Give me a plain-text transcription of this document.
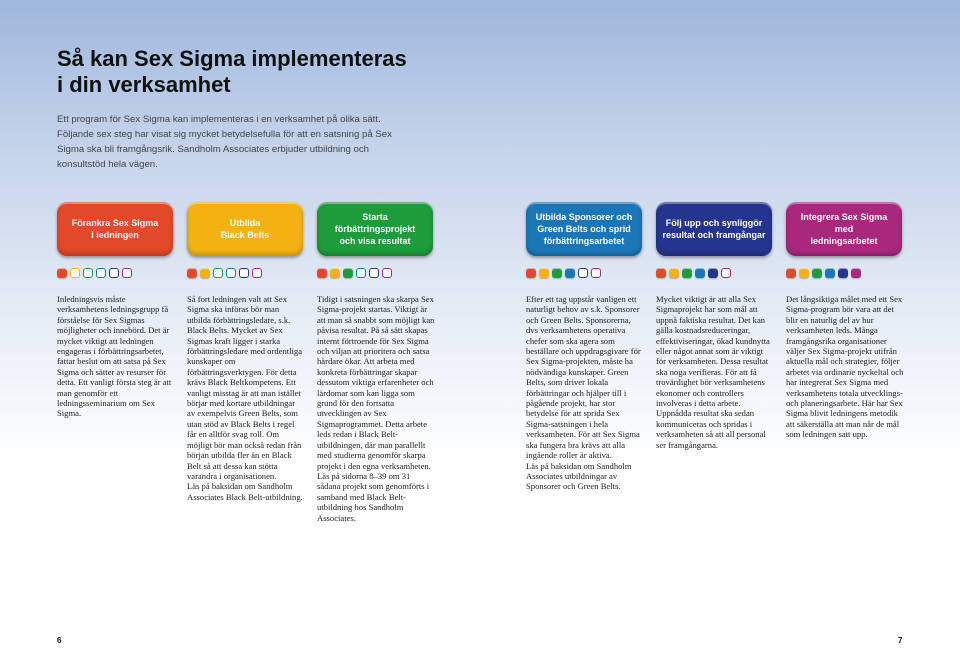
Så kan Sex Sigma implementeras
i din verksamhet

Ett program för Sex Sigma kan implementeras i en verksamhet på olika sätt. Följande sex steg har visat sig mycket betydelsefulla för att en satsning på Sex Sigma ska bli framgångsrik. Sandholm Associates erbjuder utbildning och konsultstöd hela vägen.

Förankra Sex Sigma
i ledningen
Utbilda
Black Belts
Starta förbättringsprojekt
och visa resultat
Utbilda Sponsorer och
Green Belts och sprid
förbättringsarbetet
Följ upp och synliggör
resultat och framgångar
Integrera Sex Sigma med
ledningsarbetet

Inledningsvis måste verksamhetens ledningsgrupp få förståelse för Sex Sigmas möjligheter och innebörd. Det är mycket viktigt att ledningen engageras i förbättringsarbetet, fattar beslut om att satsa på Sex Sigma och sätter av resurser för detta. Ett vanligt första steg är att man genomför ett ledningsseminarium om Sex Sigma.

Så fort ledningen valt att Sex Sigma ska införas bör man utbilda förbättringsledare, s.k. Black Belts. Mycket av Sex Sigmas kraft ligger i starka förbättringsledare med ordentliga kunskaper om förbättringsverktygen. För detta krävs Black Beltkompetens. Ett vanligt misstag är att man istället börjar med kortare utbildningar av exempelvis Green Belts, som utan stöd av Black Belts i regel får en alltför svag roll. Om möjligt bör man också redan från början utbilda fler än en Black Belt så att dessa kan stötta varandra i organisationen.
Läs på baksidan om Sandholm Associates Black Belt-utbildning.

Tidigt i satsningen ska skarpa Sex Sigma-projekt startas. Viktigt är att man så snabbt som möjligt kan påvisa resultat. På så sätt skapas internt förtroende för Sex Sigma och viljan att prioritera och satsa hårdare ökar. Att arbeta med konkreta förbättringar skapar dessutom viktiga erfarenheter och lärdomar som kan ligga som grund för den fortsatta utvecklingen av Sex Sigmaprogrammet. Detta arbete leds redan i Black Belt-utbildningen, där man parallellt med studierna genomför skarpa projekt i den egna verksamheten.
Läs på sidorna 8–39 om 31 sådana projekt som genomförts i samband med Black Belt-utbildning hos Sandholm Associates.

Efter ett tag uppstår vanligen ett naturligt behov av s.k. Sponsorer och Green Belts. Sponsorerna, dvs verksamhetens operativa chefer som ska agera som beställare och uppdragsgivare för Sex Sigma-projekten, måste ha nödvändiga kunskaper. Green Belts, som driver lokala förbättringar och hjälper till i pågående projekt, har stor betydelse för att sprida Sex Sigma-satsningen i hela verksamheten. För att Sex Sigma ska fungera bra krävs att alla ingående roller är aktiva.
Läs på baksidan om Sandholm Associates utbildningar av Sponsorer och Green Belts.

Mycket viktigt är att alla Sex Sigmaprojekt har som mål att uppnå faktiska resultat. Det kan gälla kostnadsreduceringar, effektiviseringar, ökad kundnytta eller något annat som är viktigt för verksamheten. Dessa resultat ska noga verifieras. För att få trovärdighet bör verksamhetens ekonomer och controllers involveras i detta arbete. Uppnådda resultat ska sedan kommuniceras och spridas i verksamheten så att all personal ser framgångarna.

Det långsiktiga målet med ett Sex Sigma-program bör vara att det blir en naturlig del av hur verksamheten leds. Många framgångsrika organisationer väljer Sex Sigma-projekt utifrån aktuella mål och strategier, följer arbetet via ordinarie nyckeltal och har integrerat Sex Sigma med verksamhetens totala utvecklings- och planeringsarbete. Här har Sex Sigma blivit ledningens metodik att säkerställa att man når de mål som ledningen satt upp.

6	7
